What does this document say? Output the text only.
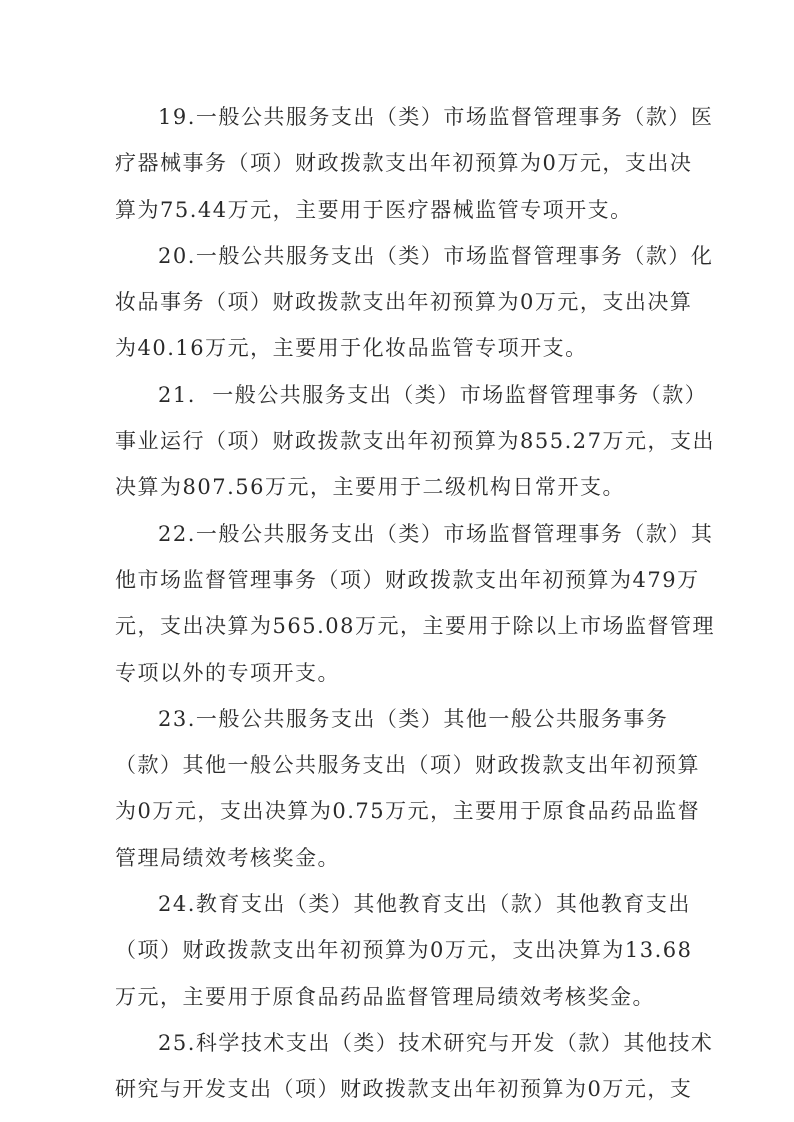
19.一般公共服务支出（类）市场监督管理事务（款）医
疗器械事务（项）财政拨款支出年初预算为0万元，支出决
算为75.44万元，主要用于医疗器械监管专项开支。
20.一般公共服务支出（类）市场监督管理事务（款）化
妆品事务（项）财政拨款支出年初预算为0万元，支出决算
为40.16万元，主要用于化妆品监管专项开支。
21.  一般公共服务支出（类）市场监督管理事务（款）
事业运行（项）财政拨款支出年初预算为855.27万元，支出
决算为807.56万元，主要用于二级机构日常开支。
22.一般公共服务支出（类）市场监督管理事务（款）其
他市场监督管理事务（项）财政拨款支出年初预算为479万
元，支出决算为565.08万元，主要用于除以上市场监督管理
专项以外的专项开支。
23.一般公共服务支出（类）其他一般公共服务事务
（款）其他一般公共服务支出（项）财政拨款支出年初预算
为0万元，支出决算为0.75万元，主要用于原食品药品监督
管理局绩效考核奖金。
24.教育支出（类）其他教育支出（款）其他教育支出
（项）财政拨款支出年初预算为0万元，支出决算为13.68
万元，主要用于原食品药品监督管理局绩效考核奖金。
25.科学技术支出（类）技术研究与开发（款）其他技术
研究与开发支出（项）财政拨款支出年初预算为0万元，支
